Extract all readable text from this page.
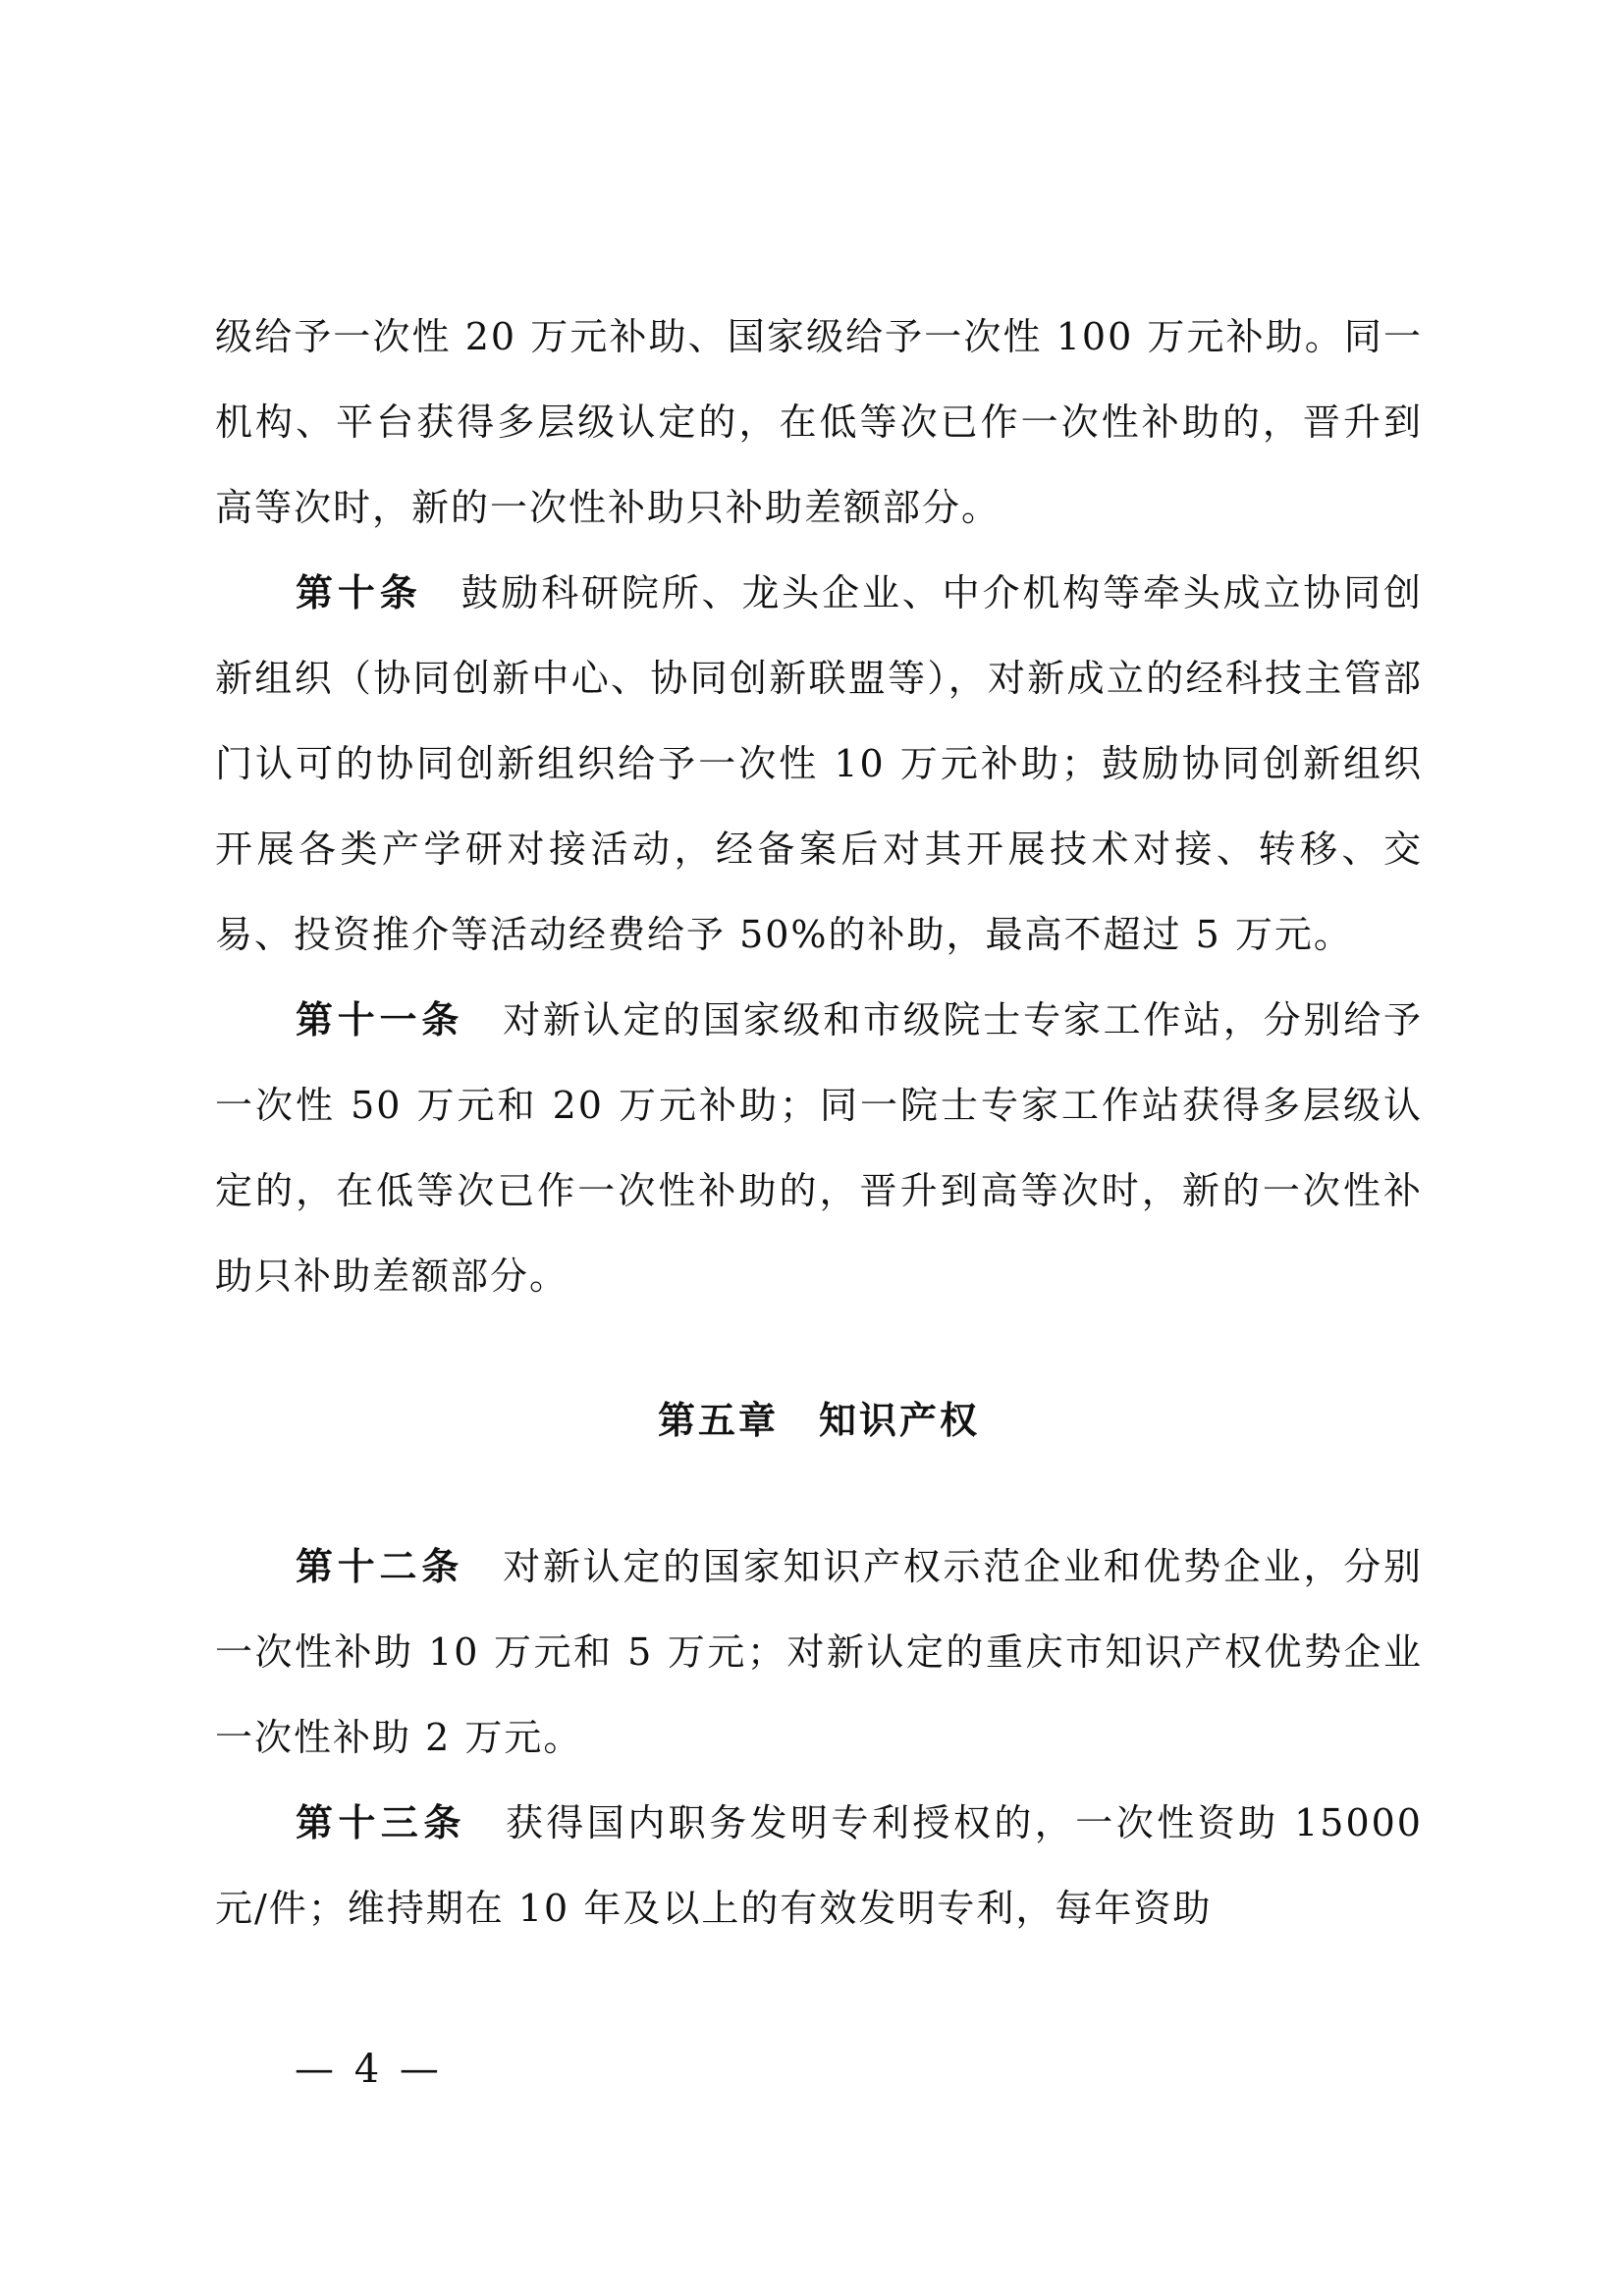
级给予一次性 20 万元补助、国家级给予一次性 100 万元补助。同一机构、平台获得多层级认定的，在低等次已作一次性补助的，晋升到高等次时，新的一次性补助只补助差额部分。

第十条 鼓励科研院所、龙头企业、中介机构等牵头成立协同创新组织（协同创新中心、协同创新联盟等），对新成立的经科技主管部门认可的协同创新组织给予一次性 10 万元补助；鼓励协同创新组织开展各类产学研对接活动，经备案后对其开展技术对接、转移、交易、投资推介等活动经费给予 50%的补助，最高不超过 5 万元。

第十一条 对新认定的国家级和市级院士专家工作站，分别给予一次性 50 万元和 20 万元补助；同一院士专家工作站获得多层级认定的，在低等次已作一次性补助的，晋升到高等次时，新的一次性补助只补助差额部分。

第五章　知识产权

第十二条 对新认定的国家知识产权示范企业和优势企业，分别一次性补助 10 万元和 5 万元；对新认定的重庆市知识产权优势企业一次性补助 2 万元。

第十三条 获得国内职务发明专利授权的，一次性资助 15000 元/件；维持期在 10 年及以上的有效发明专利，每年资助

— 4 —
